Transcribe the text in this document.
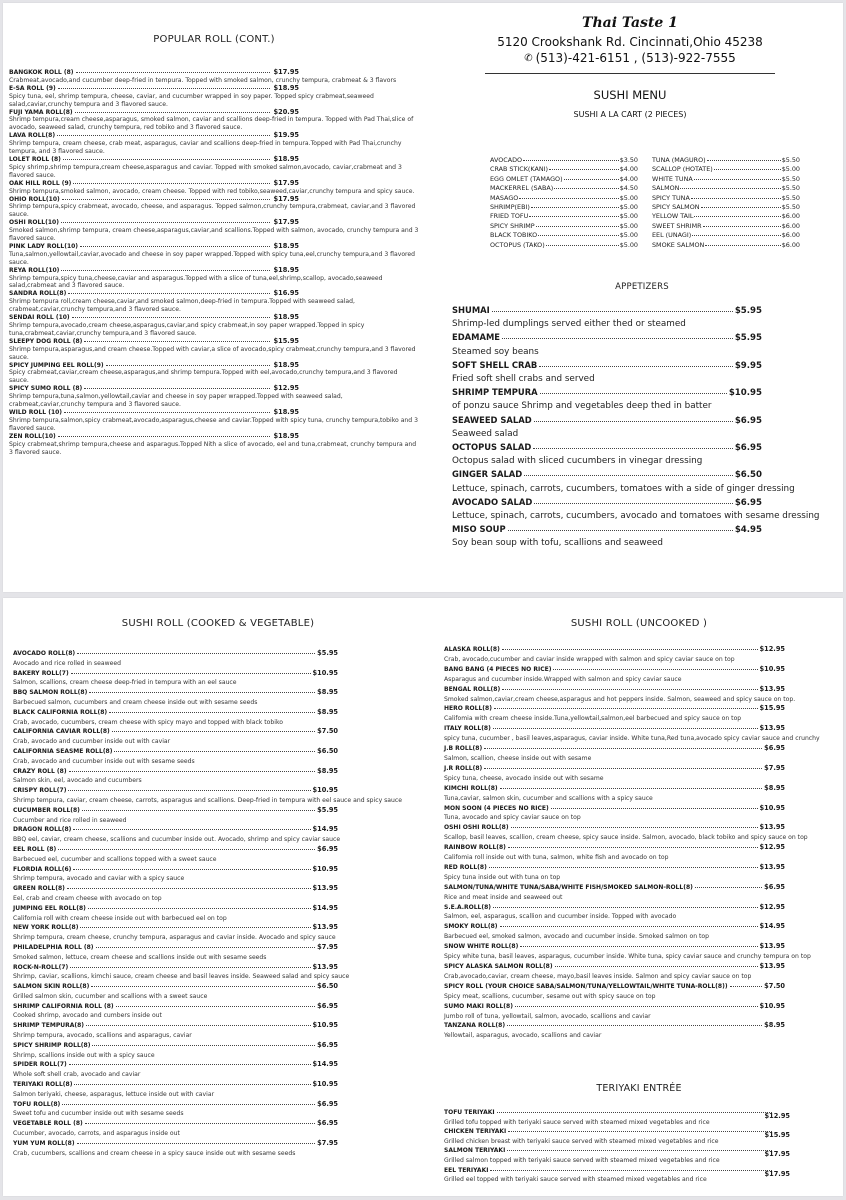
POPULAR ROLL (CONT.)
BANGKOK ROLL (8)	$17.95
Crabmeat,avocado,and cucumber deep-fried in tempura. Topped with smoked salmon, crunchy tempura, crabmeat & 3 flavors
E-SA ROLL (9)	$18.95
Spicy tuna, eel, shrimp tempura, cheese, caviar, and cucumber wrapped in soy paper. Topped spicy crabmeat,seaweed salad,caviar,crunchy tempura and 3 flavored sauce.
FUJI YAMA ROLL(8)	$20.95
Shrimp tempura,cream cheese,asparagus, smoked salmon, caviar and scallions deep-fried in tempura. Topped with Pad Thai,slice of avocado, seaweed salad, crunchy tempura, red tobiko and 3 flavored sauce.
LAVA ROLL(8)	$19.95
Shrimp tempura, cream cheese, crab meat, asparagus, caviar and scallions deep-fried in tempura.Topped with Pad Thai,crunchy tempura, and 3 flavored sauce.
LOLET ROLL (8)	$18.95
Spicy shrimp,shrimp tempura,cream cheese,asparagus and caviar. Topped with smoked salmon,avocado, caviar,crabmeat and 3 flavored sauce.
OAK HILL ROLL (9)	$17.95
Shrimp tempura,smoked salmon, avocado, cream cheese. Topped with red tobiko,seaweed,caviar,crunchy tempura and spicy sauce.
OHIO ROLL(10)	$17.95
Shrimp tempura,spicy crabmeat, avocado, cheese, and asparagus. Topped salmon,crunchy tempura,crabmeat, caviar,and 3 flavored sauce.
OSHI ROLL(10)	$17.95
Smoked salmon,shrimp tempura, cream cheese,asparagus,caviar,and scallions.Topped with salmon, avocado, crunchy tempura and 3 flavored sauce.
PINK LADY ROLL(10)	$18.95
Tuna,salmon,yellowtail,caviar,avocado and cheese in soy paper wrapped.Topped with spicy tuna,eel,crunchy tempura,and 3 flavored sauce.
REYA ROLL(10)	$18.95
Shrimp tempura,spicy tuna,cheese,caviar and asparagus.Topped with a slice of tuna,eel,shrimp,scallop, avocado,seaweed salad,crabmeat and 3 flavored sauce.
SANDRA ROLL(8)	$16.95
Shrimp tempura roll,cream cheese,caviar,and smoked salmon,deep-fried in tempura.Topped with seaweed salad, crabmeat,caviar,crunchy tempura,and 3 flavored sauce.
SENDAI ROLL (10)	$18.95
Shrimp tempura,avocado,cream cheese,asparagus,caviar,and spicy crabmeat,in soy paper wrapped.Topped in spicy tuna,crabmeat,caviar,crunchy tempura,and 3 flavored sauce.
SLEEPY DOG ROLL (8)	$15.95
Shrimp tempura,asparagus,and cream cheese.Topped with caviar,a slice of avocado,spicy crabmeat,crunchy tempura,and 3 flavored sauce.
SPICY JUMPING EEL ROLL(9)	$18.95
Spicy crabmeat,caviar,cream cheese,asparagus,and shrimp tempura.Topped with eel,avocado,crunchy tempura,and 3 flavored sauce.
SPICY SUMO ROLL (8)	$12.95
Shrimp tempura,tuna,salmon,yellowtail,caviar and cheese in soy paper wrapped.Topped with seaweed salad, crabmeat,caviar,crunchy tempura and 3 flavored sauce.
WILD ROLL (10)	$18.95
Shrimp tempura,salmon,spicy crabmeat,avocado,asparagus,cheese and caviar.Topped with spicy tuna, crunchy tempura,tobiko and 3 flavored sauce.
ZEN ROLL(10)	$18.95
Spicy crabmeat,shrimp tempura,cheese and asparagus.Topped Nith a slice of avocado, eel and tuna,crabmeat, crunchy tempura and 3 flavored sauce.
Thai Taste 1
5120 Crookshank Rd. Cincinnati,Ohio 45238
✆ (513)-421-6151 , (513)-922-7555
SUSHI MENU
SUSHI A LA CART (2 PIECES)
AVOCADO	$3.50
CRAB STICK(KANI)	$4.00
EGG OMLET (TAMAGO)	$4.00
MACKERREL (SABA)	$4.50
MASAGO	$5.00
SHRIMP(EBI)	$5.00
FRIED TOFU	$5.00
SPICY SHRIMP	$5.00
BLACK TOBIKO	$5.00
OCTOPUS (TAKO)	$5.00
TUNA (MAGURO)	$5.50
SCALLOP (HOTATE)	$5.00
WHITE TUNA	$5.50
SALMON	$5.50
SPICY TUNA	$5.50
SPICY SALMON	$5.50
YELLOW TAIL	$6.00
SWEET SHRIMR	$6.00
EEL (UNAGI)	$6.00
SMOKE SALMON	$6.00
APPETIZERS
SHUMAI	$5.95
Shrimp-led dumplings served either thed or steamed
EDAMAME	$5.95
Steamed soy beans
SOFT SHELL CRAB	$9.95
Fried soft shell crabs and served
SHRIMP TEMPURA	$10.95
of ponzu sauce Shrimp and vegetables deep thed in batter
SEAWEED SALAD	$6.95
Seaweed salad
OCTOPUS SALAD	$6.95
Octopus salad with sliced cucumbers in vinegar dressing
GINGER SALAD	$6.50
Lettuce, spinach, carrots, cucumbers, tomatoes with a side of ginger dressing
AVOCADO SALAD	$6.95
Lettuce, spinach, carrots, cucumbers, avocado and tomatoes with sesame dressing
MISO SOUP	$4.95
Soy bean soup with tofu, scallions and seaweed
SUSHI ROLL (COOKED & VEGETABLE)
AVOCADO ROLL(8)	$5.95
Avocado and rice rolled in seaweed
BAKERY ROLL(7)	$10.95
Salmon, scallions, cream cheese deep-fried in tempura with an eel sauce
BBQ SALMON ROLL(8)	$8.95
Barbecued salmon, cucumbers and cream cheese inside out with sesame seeds
BLACK CALIFORNIA ROLL(8)	$8.95
Crab, avocado, cucumbers, cream cheese with spicy mayo and topped with black tobiko
CALIFORNIA CAVIAR ROLL(8)	$7.50
Crab, avocado and cucumber inside out with caviar
CALIFORNIA SEASME ROLL(8)	$6.50
Crab, avocado and cucumber inside out with sesame seeds
CRAZY ROLL (8)	$8.95
Salmon skin, eel, avocado and cucumbers
CRISPY ROLL(7)	$10.95
Shrimp tempura, caviar, cream cheese, carrots, asparagus and scallions. Deep-fried in tempura with eel sauce and spicy sauce
CUCUMBER ROLL(8)	$5.95
Cucumber and rice rolled in seaweed
DRAGON ROLL(8)	$14.95
BBQ eel, caviar, cream cheese, scallions and cucumber inside out. Avocado, shrimp and spicy caviar sauce
EEL ROLL (8)	$6.95
Barbecued eel, cucumber and scallions topped with a sweet sauce
FLORDIA ROLL(6)	$10.95
Shrimp tempura, avocado and caviar with a spicy sauce
GREEN ROLL(8)	$13.95
Eel, crab and cream cheese with avocado on top
JUMPING EEL ROLL(8)	$14.95
California roll with cream cheese inside out with barbecued eel on top
NEW YORK ROLL(8)	$13.95
Shrimp tempura, cream cheese, crunchy tempura, asparagus and caviar inside. Avocado and spicy sauce
PHILADELPHIA ROLL (8)	$7.95
Smoked salmon, lettuce, cream cheese and scallions inside out with sesame seeds
ROCK-N-ROLL(7)	$13.95
Shrimp, caviar, scallions, kimchi sauce, cream cheese and basil leaves inside. Seaweed salad and spicy sauce
SALMON SKIN ROLL(8)	$6.50
Grilled salmon skin, cucumber and scallions with a sweet sauce
SHRIMP CALIFORNIA ROLL (8)	$6.95
Cooked shrimp, avocado and cumbers inside out
SHRIMP TEMPURA(8)	$10.95
Shrimp tempura, avocado, scallions and asparagus, caviar
SPICY SHRIMP ROLL(8)	$6.95
Shrimp, scallions inside out with a spicy sauce
SPIDER ROLL(7)	$14.95
Whole soft shell crab, avocado and caviar
TERIYAKI ROLL(8)	$10.95
Salmon teriyaki, cheese, asparagus, lettuce inside out with caviar
TOFU ROLL(8)	$6.95
Sweet tofu and cucumber inside out with sesame seeds
VEGETABLE ROLL (8)	$6.95
Cucumber, avocado, carrots, and asparagus inside out
YUM YUM ROLL(8)	$7.95
Crab, cucumbers, scallions and cream cheese in a spicy sauce inside out with sesame seeds
SUSHI ROLL (UNCOOKED )
ALASKA ROLL(8)	$12.95
Crab, avocado,cucumber and caviar inside wrapped with salmon and spicy caviar sauce on top
BANG BANG (4 PIECES NO RICE)	$10.95
Asparagus and cucumber inside.Wrapped with salmon and spicy caviar sauce
BENGAL ROLL(8)	$13.95
Smoked salmon,caviar,cream cheese,asparagus and hot peppers inside. Salmon, seaweed and spicy sauce on top.
HERO ROLL(8)	$15.95
Califomia with cream cheese inside.Tuna,yellowtail,salmon,eel barbecued and spicy sauce on top
ITALY ROLL(8)	$13.95
spicy tuna, cucumber , basil leaves,asparagus, caviar inside. White tuna,Red tuna,avocado spicy caviar sauce and crunchy
J.B ROLL(8)	$6.95
Salmon, scallion, cheese inside out with sesame
J.R ROLL(8)	$7.95
Spicy tuna, cheese, avocado inside out with sesame
KIMCHI ROLL(8)	$8.95
Tuna,caviar, salmon skin, cucumber and scallions with a spicy sauce
MON SOON (4 PIECES NO RICE)	$10.95
Tuna, avocado and spicy caviar sauce on top
OSHI OSHI ROLL(8)	$13.95
Scallop, basil leaves, scallion, cream cheese, spicy sauce inside. Salmon, avocado, black tobiko and spicy sauce on top
RAINBOW ROLL(8)	$12.95
Califomia roll inside out with tuna, salmon, white fish and avocado on top
RED ROLL(8)	$13.95
Spicy tuna inside out with tuna on top
SALMON/TUNA/WHITE TUNA/SABA/WHITE FISH/SMOKED SALMON-ROLL(8)	$6.95
Rice and meat inside and seaweed out
S.E.A.ROLL(8)	$12.95
Salmon, eel, asparagus, scallion and cucumber inside. Topped with avocado
SMOKY ROLL(8)	$14.95
Barbecued eel, smoked salmon, avocado and cucumber inside. Smoked salmon on top
SNOW WHITE ROLL(8)	$13.95
Spicy white tuna, basil leaves, asparagus, cucumber inside. White tuna, spicy caviar sauce and crunchy tempura on top
SPICY ALASKA SALMON ROLL(8)	$13.95
Crab,avocado,caviar, cream cheese, mayo,basil leaves inside. Salmon and spicy caviar sauce on top
SPICY ROLL (YOUR CHOICE SABA/SALMON/TUNA/YELLOWTAIL/WHITE TUNA-ROLL(8))	$7.50
Spicy meat, scallions, cucumber, sesame out with spicy sauce on top
SUMO MAKI ROLL(8)	$10.95
Jumbo roll of tuna, yellowtail, salmon, avocado, scallions and caviar
TANZANA ROLL(8)	$8.95
Yellowtail, asparagus, avocado, scallions and caviar
TERIYAKI ENTRÉE
TOFU TERIYAKI	$12.95
Grilled tofu topped with teriyaki sauce served with steamed mixed vegetables and rice
CHICKEN TERIYAKI	$15.95
Grilled chicken breast with teriyaki sauce served with steamed mixed vegetables and rice
SALMON TERIYAKI	$17.95
Grilled salmon topped with teriyaki sauce served with steamed mixed vegetables and rice
EEL TERIYAKI	$17.95
Grilled eel topped with teriyaki sauce served with steamed mixed vegetables and rice
